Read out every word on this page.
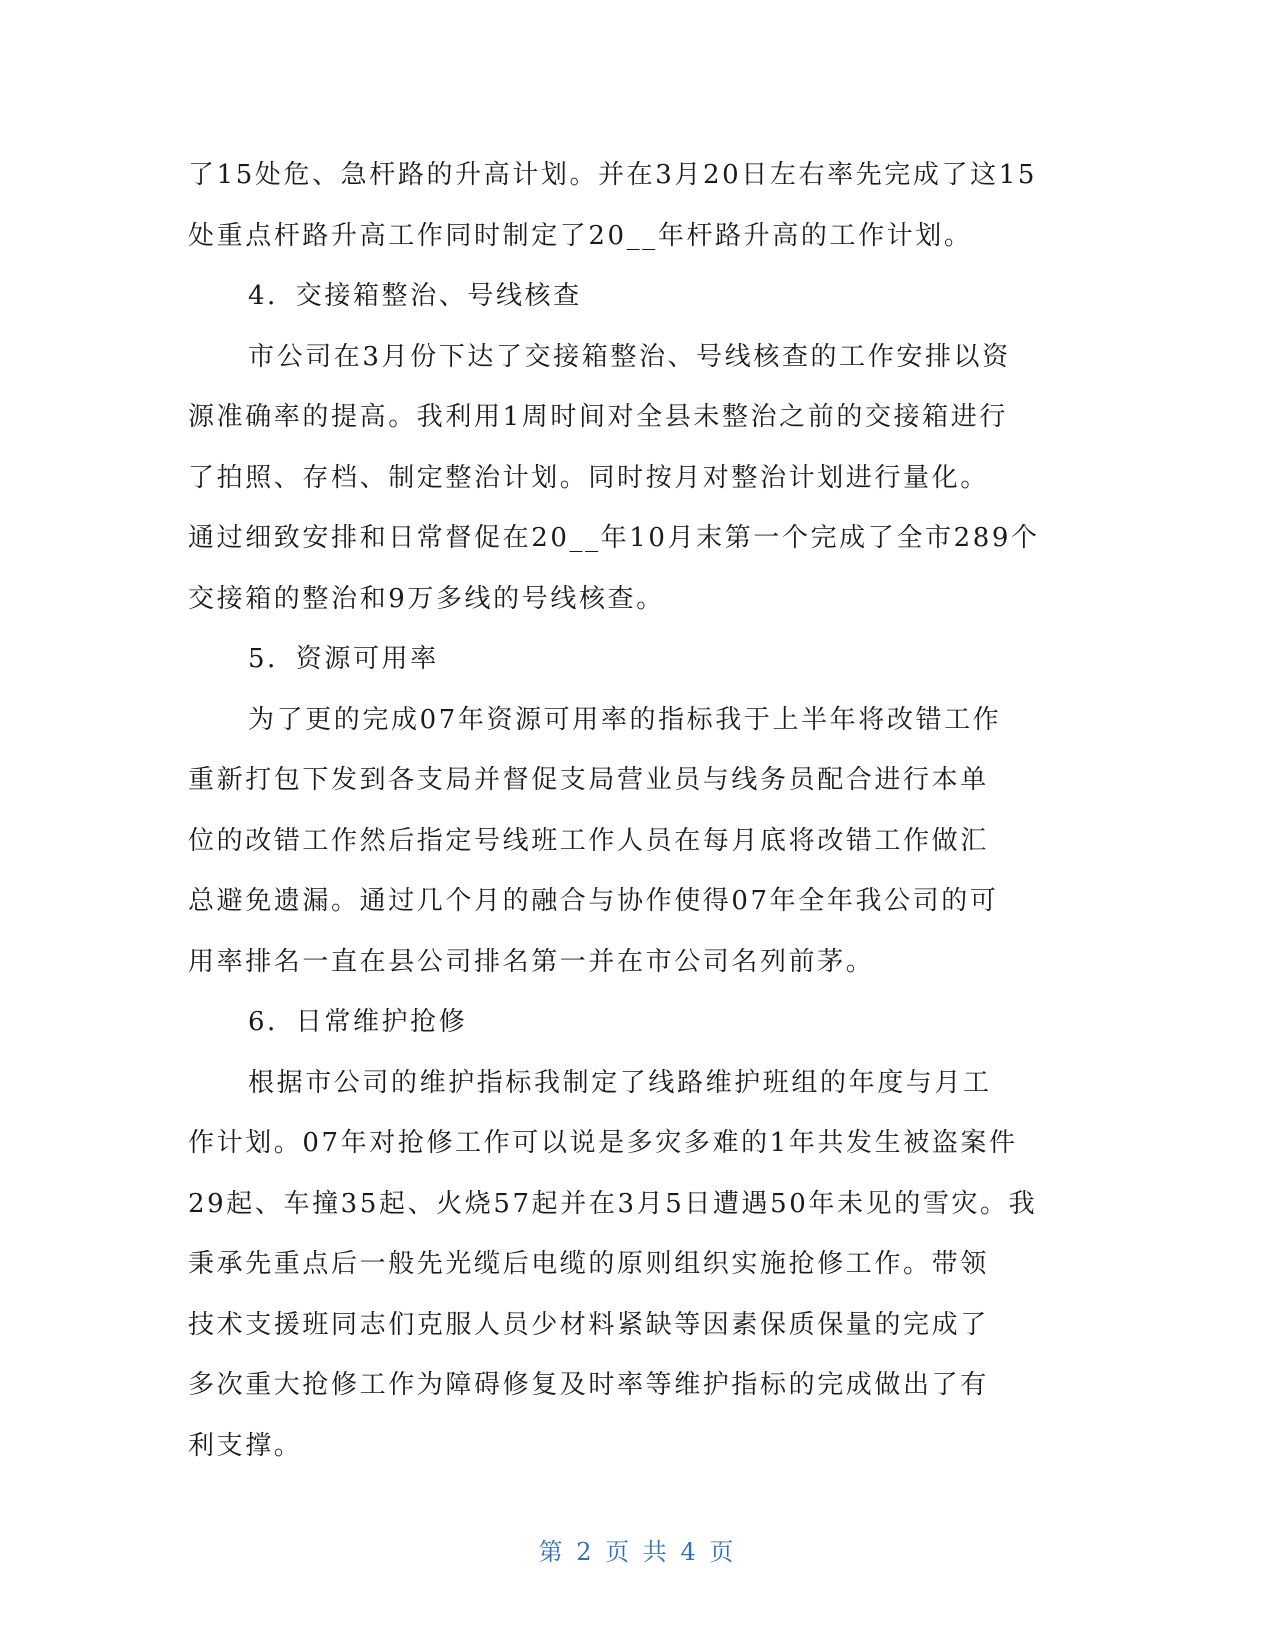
了15处危、急杆路的升高计划。并在3月20日左右率先完成了这15
处重点杆路升高工作同时制定了20__年杆路升高的工作计划。
4．交接箱整治、号线核查
市公司在3月份下达了交接箱整治、号线核查的工作安排以资
源准确率的提高。我利用1周时间对全县未整治之前的交接箱进行
了拍照、存档、制定整治计划。同时按月对整治计划进行量化。
通过细致安排和日常督促在20__年10月末第一个完成了全市289个
交接箱的整治和9万多线的号线核查。
5．资源可用率
为了更的完成07年资源可用率的指标我于上半年将改错工作
重新打包下发到各支局并督促支局营业员与线务员配合进行本单
位的改错工作然后指定号线班工作人员在每月底将改错工作做汇
总避免遗漏。通过几个月的融合与协作使得07年全年我公司的可
用率排名一直在县公司排名第一并在市公司名列前茅。
6．日常维护抢修
根据市公司的维护指标我制定了线路维护班组的年度与月工
作计划。07年对抢修工作可以说是多灾多难的1年共发生被盗案件
29起、车撞35起、火烧57起并在3月5日遭遇50年未见的雪灾。我
秉承先重点后一般先光缆后电缆的原则组织实施抢修工作。带领
技术支援班同志们克服人员少材料紧缺等因素保质保量的完成了
多次重大抢修工作为障碍修复及时率等维护指标的完成做出了有
利支撑。
第 2 页 共 4 页
